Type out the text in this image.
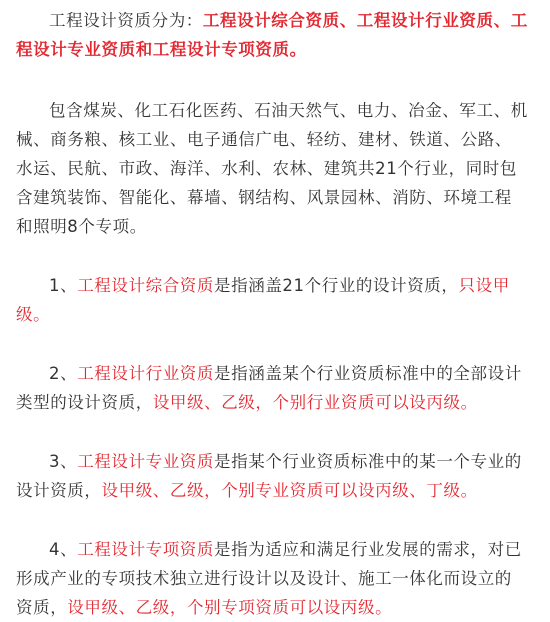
工程设计资质分为：工程设计综合资质、工程设计行业资质、工程设计专业资质和工程设计专项资质。

包含煤炭、化工石化医药、石油天然气、电力、冶金、军工、机械、商务粮、核工业、电子通信广电、轻纺、建材、铁道、公路、水运、民航、市政、海洋、水利、农林、建筑共21个行业，同时包含建筑装饰、智能化、幕墙、钢结构、风景园林、消防、环境工程和照明8个专项。

1、工程设计综合资质是指涵盖21个行业的设计资质，只设甲级。

2、工程设计行业资质是指涵盖某个行业资质标准中的全部设计类型的设计资质，设甲级、乙级，个别行业资质可以设丙级。

3、工程设计专业资质是指某个行业资质标准中的某一个专业的设计资质，设甲级、乙级，个别专业资质可以设丙级、丁级。

4、工程设计专项资质是指为适应和满足行业发展的需求，对已形成产业的专项技术独立进行设计以及设计、施工一体化而设立的资质，设甲级、乙级，个别专项资质可以设丙级。
